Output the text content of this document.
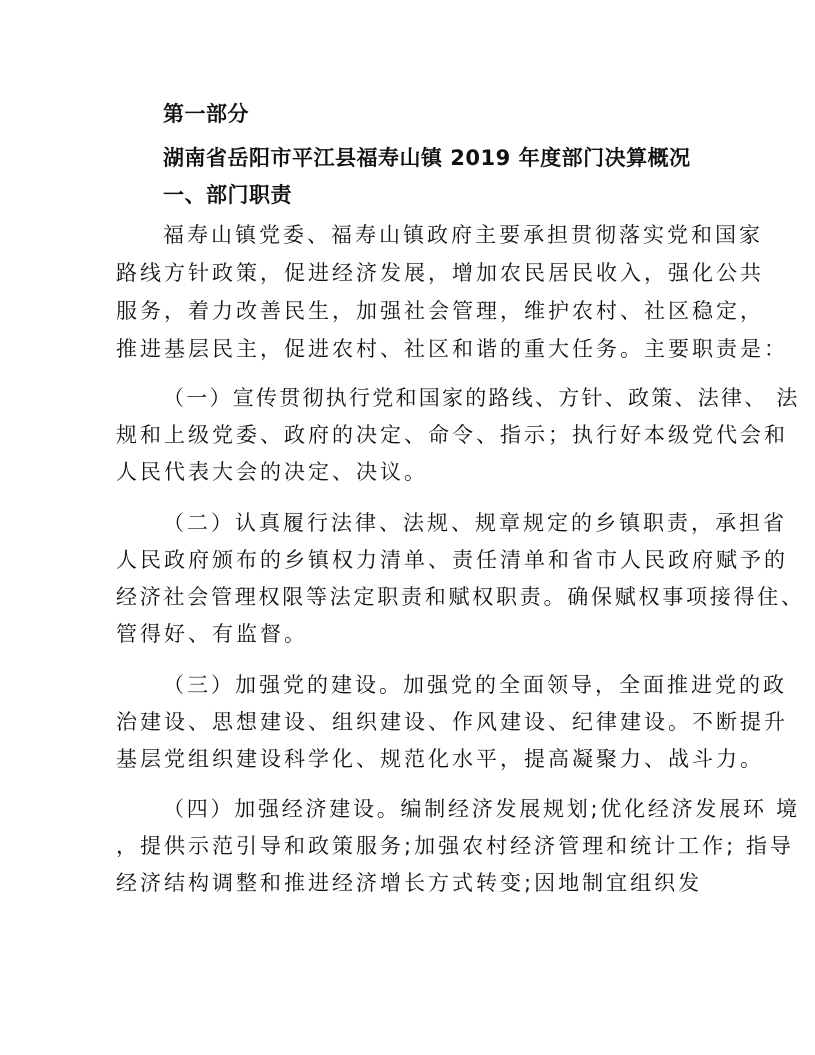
第一部分
湖南省岳阳市平江县福寿山镇 2019 年度部门决算概况
一、部门职责
福寿山镇党委、福寿山镇政府主要承担贯彻落实党和国家
路线方针政策，促进经济发展，增加农民居民收入，强化公共
服务，着力改善民生，加强社会管理，维护农村、社区稳定，
推进基层民主，促进农村、社区和谐的重大任务。主要职责是：
（一）宣传贯彻执行党和国家的路线、方针、政策、法律、 法
规和上级党委、政府的决定、命令、指示；执行好本级党代会和
人民代表大会的决定、决议。
（二）认真履行法律、法规、规章规定的乡镇职责，承担省
人民政府颁布的乡镇权力清单、责任清单和省市人民政府赋予的
经济社会管理权限等法定职责和赋权职责。确保赋权事项接得住、
管得好、有监督。
（三）加强党的建设。加强党的全面领导，全面推进党的政
治建设、思想建设、组织建设、作风建设、纪律建设。不断提升
基层党组织建设科学化、规范化水平，提高凝聚力、战斗力。
（四）加强经济建设。编制经济发展规划;优化经济发展环 境
，提供示范引导和政策服务;加强农村经济管理和统计工作; 指导
经济结构调整和推进经济增长方式转变;因地制宜组织发
